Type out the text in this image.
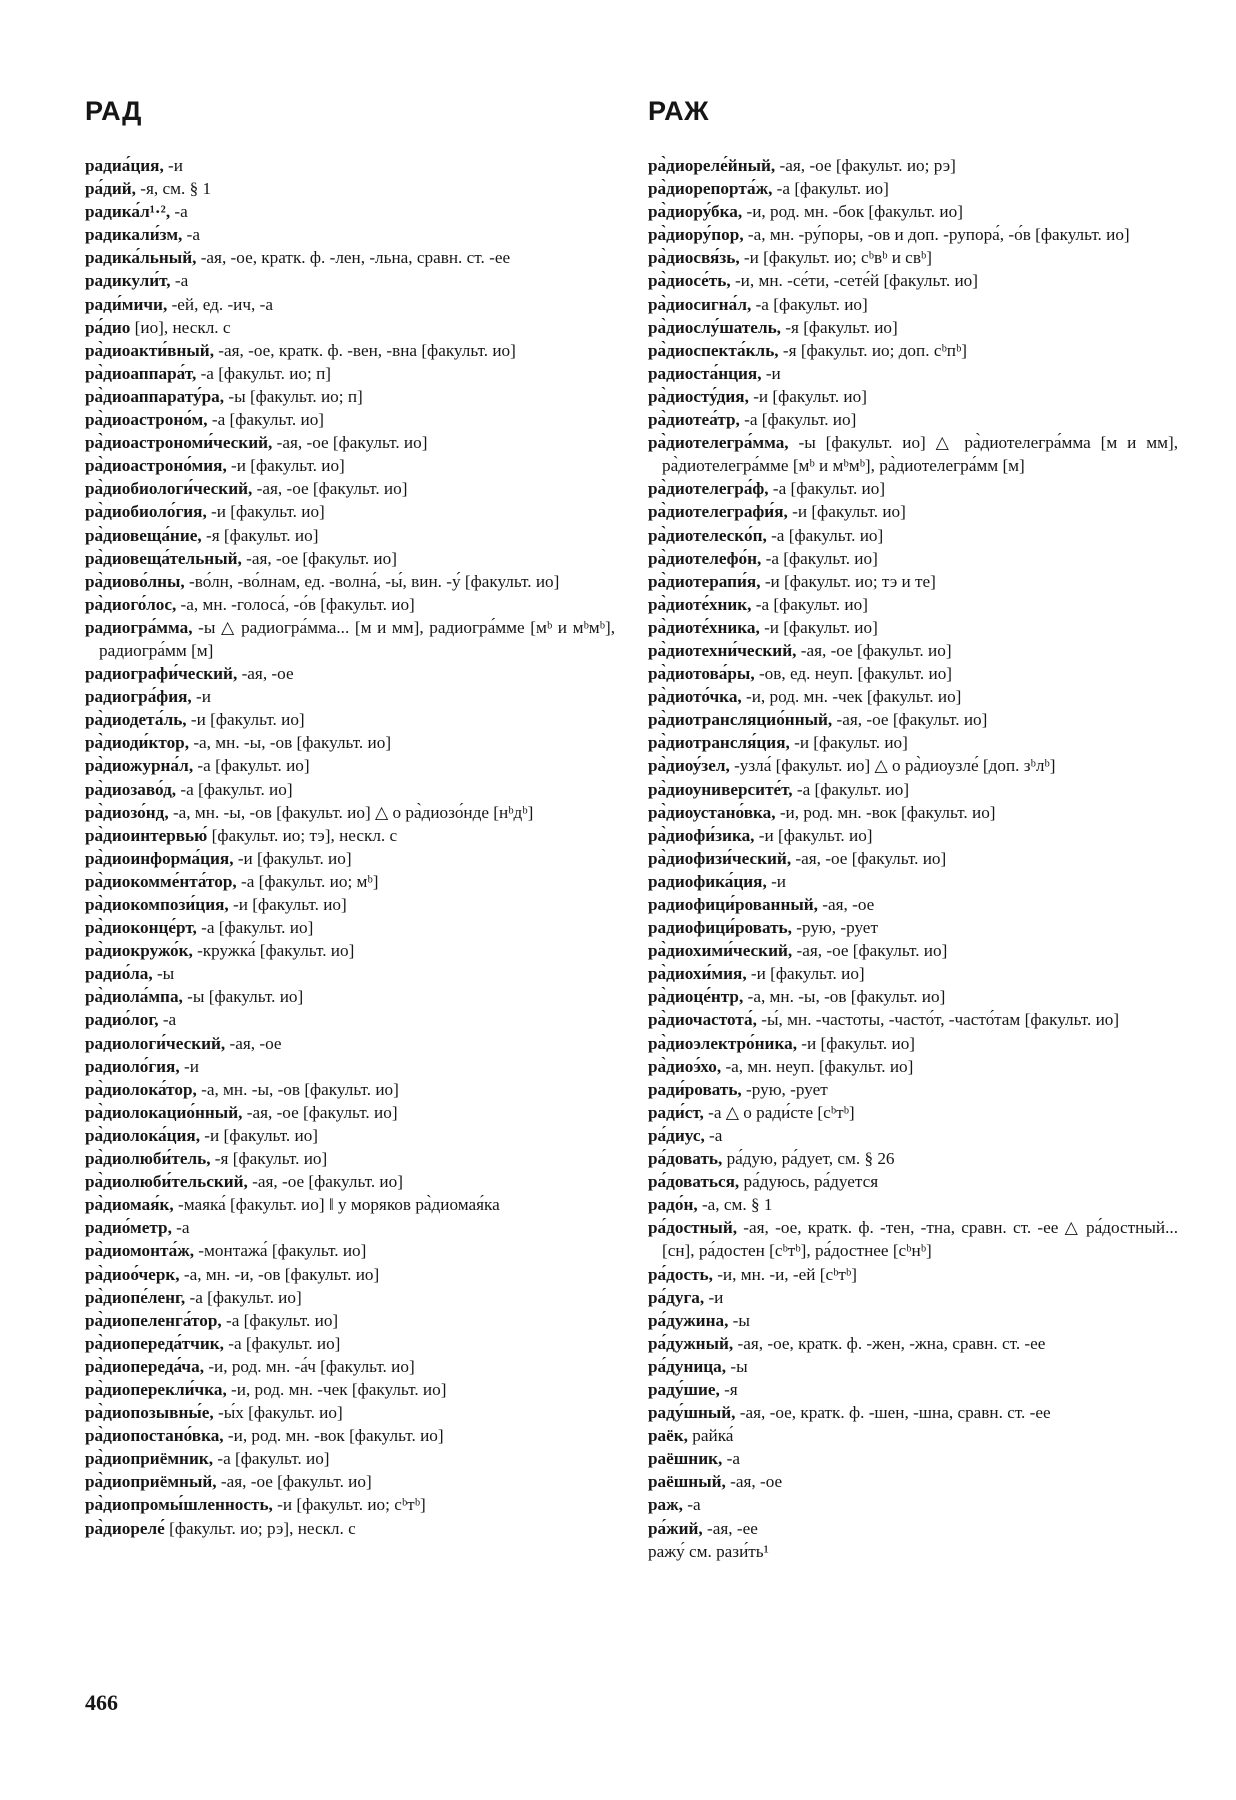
РАД	РАЖ
радиа́ция, -и
ра́дий, -я, см. § 1
радика́л¹·², -а
радикали́зм, -а
радика́льный, -ая, -ое, кратк. ф. -лен, -льна, сравн. ст. -ее
радикули́т, -а
ради́мичи, -ей, ед. -ич, -а
ра́дио [ио], нескл. с
ра̀диоакти́вный, -ая, -ое, кратк. ф. -вен, -вна [факульт. ио]
ра̀диоаппара́т, -а [факульт. ио; п]
ра̀диоаппарату́ра, -ы [факульт. ио; п]
ра̀диоастроно́м, -а [факульт. ио]
ра̀диоастрономи́ческий, -ая, -ое [факульт. ио]
ра̀диоастроно́мия, -и [факульт. ио]
ра̀диобиологи́ческий, -ая, -ое [факульт. ио]
ра̀диобиоло́гия, -и [факульт. ио]
ра̀диовеща́ние, -я [факульт. ио]
ра̀диовеща́тельный, -ая, -ое [факульт. ио]
ра̀диово́лны, -во́лн, -во́лнам, ед. -волна́, -ы́, вин. -у́ [факульт. ио]
ра̀диого́лос, -а, мн. -голоса́, -о́в [факульт. ио]
радиогра́мма, -ы △ радиогра́мма... [м и мм], радиогра́мме [мᵇ и мᵇмᵇ], радиогра́мм [м]
радиографи́ческий, -ая, -ое
радиогра́фия, -и
ра̀диодета́ль, -и [факульт. ио]
ра̀диоди́ктор, -а, мн. -ы, -ов [факульт. ио]
ра̀диожурна́л, -а [факульт. ио]
ра̀диозаво́д, -а [факульт. ио]
ра̀диозо́нд, -а, мн. -ы, -ов [факульт. ио] △ о ра̀диозо́нде [нᵇдᵇ]
ра̀диоинтервью́ [факульт. ио; тэ], нескл. с
ра̀диоинформа́ция, -и [факульт. ио]
ра̀диокомме́нта́тор, -а [факульт. ио; мᵇ]
ра̀диокомпози́ция, -и [факульт. ио]
ра̀диоконце́рт, -а [факульт. ио]
ра̀диокружо́к, -кружка́ [факульт. ио]
радио́ла, -ы
ра̀диола́мпа, -ы [факульт. ио]
радио́лог, -а
радиологи́ческий, -ая, -ое
радиоло́гия, -и
ра̀диолока́тор, -а, мн. -ы, -ов [факульт. ио]
ра̀диолокацио́нный, -ая, -ое [факульт. ио]
ра̀диолока́ция, -и [факульт. ио]
ра̀диолюби́тель, -я [факульт. ио]
ра̀диолюби́тельский, -ая, -ое [факульт. ио]
ра̀диомая́к, -маяка́ [факульт. ио] ‖ у моряков ра̀диомая́ка
радио́метр, -а
ра̀диомонта́ж, -монтажа́ [факульт. ио]
ра̀диоо́черк, -а, мн. -и, -ов [факульт. ио]
ра̀диопе́ленг, -а [факульт. ио]
ра̀диопеленга́тор, -а [факульт. ио]
ра̀диопереда́тчик, -а [факульт. ио]
ра̀диопереда́ча, -и, род. мн. -а́ч [факульт. ио]
ра̀диоперекли́чка, -и, род. мн. -чек [факульт. ио]
ра̀диопозывны́е, -ы́х [факульт. ио]
ра̀диопостано́вка, -и, род. мн. -вок [факульт. ио]
ра̀диоприёмник, -а [факульт. ио]
ра̀диоприёмный, -ая, -ое [факульт. ио]
ра̀диопромы́шленность, -и [факульт. ио; сᵇтᵇ]
ра̀диореле́ [факульт. ио; рэ], нескл. с
ра̀диореле́йный, -ая, -ое [факульт. ио; рэ]
ра̀диорепорта́ж, -а [факульт. ио]
ра̀диору́бка, -и, род. мн. -бок [факульт. ио]
ра̀диору́пор, -а, мн. -ру́поры, -ов и доп. -рупора́, -о́в [факульт. ио]
ра̀диосвя́зь, -и [факульт. ио; сᵇвᵇ и свᵇ]
ра̀диосе́ть, -и, мн. -се́ти, -сете́й [факульт. ио]
ра̀диосигна́л, -а [факульт. ио]
ра̀диослу́шатель, -я [факульт. ио]
ра̀диоспекта́кль, -я [факульт. ио; доп. сᵇпᵇ]
радиоста́нция, -и
ра̀диосту́дия, -и [факульт. ио]
ра̀диотеа́тр, -а [факульт. ио]
ра̀диотелегра́мма, -ы [факульт. ио] △ ра̀диотелегра́мма [м и мм], ра̀диотелегра́мме [мᵇ и мᵇмᵇ], ра̀диотелегра́мм [м]
ра̀диотелегра́ф, -а [факульт. ио]
ра̀диотелеграфи́я, -и [факульт. ио]
ра̀диотелеско́п, -а [факульт. ио]
ра̀диотелефо́н, -а [факульт. ио]
ра̀диотерапи́я, -и [факульт. ио; тэ и те]
ра̀диоте́хник, -а [факульт. ио]
ра̀диоте́хника, -и [факульт. ио]
ра̀диотехни́ческий, -ая, -ое [факульт. ио]
ра̀диотова́ры, -ов, ед. неуп. [факульт. ио]
ра̀диото́чка, -и, род. мн. -чек [факульт. ио]
ра̀диотрансляцио́нный, -ая, -ое [факульт. ио]
ра̀диотрансля́ция, -и [факульт. ио]
ра̀диоу́зел, -узла́ [факульт. ио] △ о ра̀диоузле́ [доп. зᵇлᵇ]
ра̀диоуниверсите́т, -а [факульт. ио]
ра̀диоустано́вка, -и, род. мн. -вок [факульт. ио]
ра̀диофи́зика, -и [факульт. ио]
ра̀диофизи́ческий, -ая, -ое [факульт. ио]
радиофика́ция, -и
радиофици́рованный, -ая, -ое
радиофици́ровать, -рую, -рует
ра̀диохими́ческий, -ая, -ое [факульт. ио]
ра̀диохи́мия, -и [факульт. ио]
ра̀диоце́нтр, -а, мн. -ы, -ов [факульт. ио]
ра̀диочастота́, -ы́, мн. -частоты, -часто́т, -часто́там [факульт. ио]
ра̀диоэлектро́ника, -и [факульт. ио]
ра̀диоэ́хо, -а, мн. неуп. [факульт. ио]
ради́ровать, -рую, -рует
ради́ст, -а △ о ради́сте [сᵇтᵇ]
ра́диус, -а
ра́довать, ра́дую, ра́дует, см. § 26
ра́доваться, ра́дуюсь, ра́дуется
радо́н, -а, см. § 1
ра́достный, -ая, -ое, кратк. ф. -тен, -тна, сравн. ст. -ее △ ра́достный... [сн], ра́достен [сᵇтᵇ], ра́достнее [сᵇнᵇ]
ра́дость, -и, мн. -и, -ей [сᵇтᵇ]
ра́дуга, -и
ра́дужина, -ы
ра́дужный, -ая, -ое, кратк. ф. -жен, -жна, сравн. ст. -ее
ра́дуница, -ы
раду́шие, -я
раду́шный, -ая, -ое, кратк. ф. -шен, -шна, сравн. ст. -ее
раёк, райка́
раёшник, -а
раёшный, -ая, -ое
раж, -а
ра́жий, -ая, -ее
ражу́ см. рази́ть¹
466
